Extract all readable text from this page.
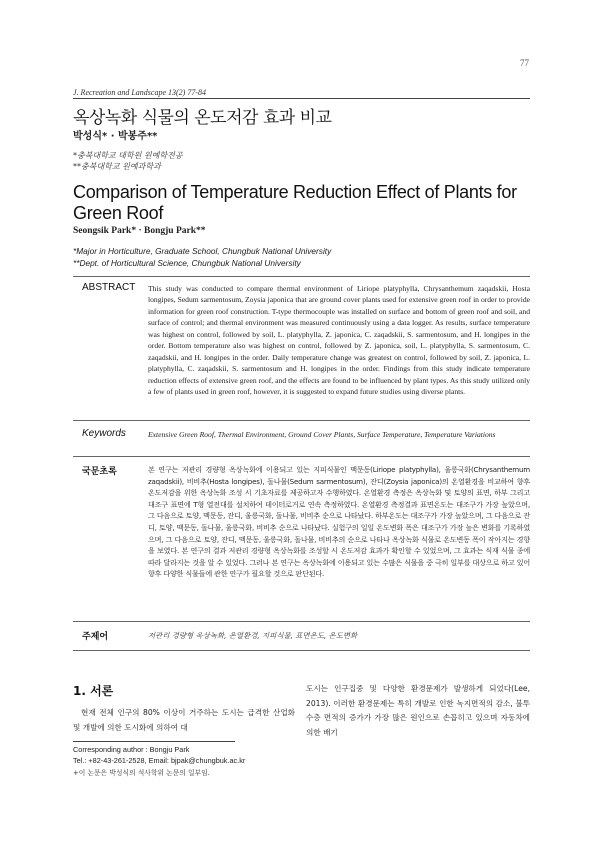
77
J. Recreation and Landscape 13(2) 77-84
옥상녹화 식물의 온도저감 효과 비교
박성식* · 박봉주**
*충북대학교 대학원 원예학전공
**충북대학교 원예과학과
Comparison of Temperature Reduction Effect of Plants for Green Roof
Seongsik Park* · Bongju Park**
*Major in Horticulture, Graduate School, Chungbuk National University
**Dept. of Horticultural Science, Chungbuk National University
ABSTRACT This study was conducted to compare thermal environment of Liriope platyphylla, Chrysanthemum zaqadskii, Hosta longipes, Sedum sarmentosum, Zoysia japonica that are ground cover plants used for extensive green roof in order to provide information for green roof construction. T-type thermocouple was installed on surface and bottom of green roof and soil, and surface of control; and thermal environment was measured continuously using a data logger. As results, surface temperature was highest on control, followed by soil, L. platyphylla, Z. japonica, C. zaqadskii, S. sarmentosum, and H. longipes in the order. Bottom temperature also was highest on control, followed by Z. japonica, soil, L. platyphylla, S. sarmentosum, C. zaqadskii, and H. longipes in the order. Daily temperature change was greatest on control, followed by soil, Z. japonica, L. platyphylla, C. zaqadskii, S. sarmentosum and H. longipes in the order. Findings from this study indicate temperature reduction effects of extensive green roof, and the effects are found to be influenced by plant types. As this study utilized only a few of plants used in green roof, however, it is suggested to expand future studies using diverse plants.
Keywords	Extensive Green Roof, Thermal Environment, Ground Cover Plants, Surface Temperature, Temperature Variations
국문초록	본 연구는 저관리 경량형 옥상녹화에 이용되고 있는 지피식물인 맥문동(Liriope platyphylla), 울릉국화(Chrysanthemum zaqadskii), 비비추(Hosta longipes), 돌나물(Sedum sarmentosum), 잔디(Zoysia japonica)의 온열환경을 비교하여 향후 온도저감을 위한 옥상녹화 조성 시 기초자료를 제공하고자 수행하였다. 온열환경 측정은 옥상녹화 및 토양의 표면, 하부 그리고 대조구 표면에 T형 열전대를 설치하여 데이터로거로 연속 측정하였다. 온열환경 측정결과 표면온도는 대조구가 가장 높았으며, 그 다음으로 토양, 맥문동, 잔디, 울릉국화, 돌나물, 비비추 순으로 나타났다. 하부온도는 대조구가 가장 높았으며, 그 다음으로 잔디, 토양, 맥문동, 돌나물, 울릉국화, 비비추 순으로 나타났다. 실험구의 일일 온도변화 폭은 대조구가 가장 높은 변화를 기록하였으며, 그 다음으로 토양, 잔디, 맥문동, 울릉국화, 돌나물, 비비추의 순으로 나타나 옥상녹화 식물로 온도변동 폭이 작아지는 경향을 보였다. 본 연구의 결과 저관리 경량형 옥상녹화를 조성할 시 온도저감 효과가 확인할 수 있었으며, 그 효과는 식재 식물 종에 따라 달라지는 것을 알 수 있었다. 그러나 본 연구는 옥상녹화에 이용되고 있는 수많은 식물을 중 극히 일부를 대상으로 하고 있어 향후 다양한 식물들에 관한 연구가 필요할 것으로 판단된다.
주제어	저관리 경량형 옥상녹화, 온열환경, 지피식물, 표면온도, 온도변화
1. 서론
현재 전체 인구의 80% 이상이 거주하는 도시는 급격한 산업화 및 개발에 의한 도시화에 의하여 대
도시는 인구집중 및 다양한 환경문제가 발생하게 되었다(Lee, 2013). 이러한 환경문제는 특히 개발로 인한 녹지면적의 감소, 불투수층 면적의 증가가 가장 많은 원인으로 손꼽히고 있으며 자동차에 의한 배기
Corresponding author : Bongju Park
Tel.: +82-43-261-2528, Email: bjpak@chungbuk.ac.kr
+이 논문은 박성식의 석사학위 논문의 일부임.
